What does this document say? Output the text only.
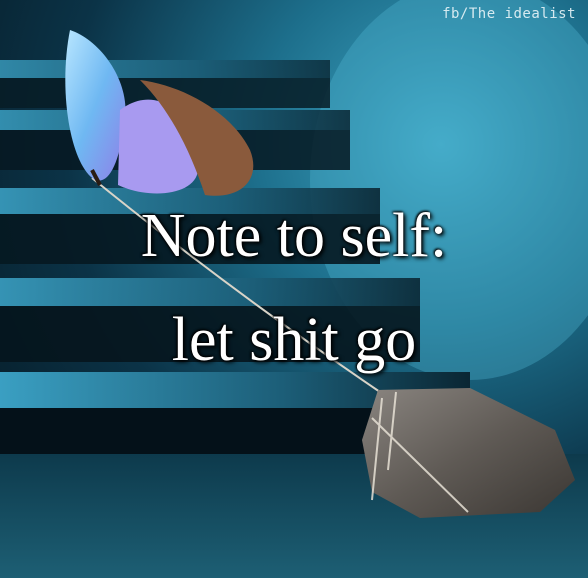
fb/The idealist
Note to self:
let shit go
